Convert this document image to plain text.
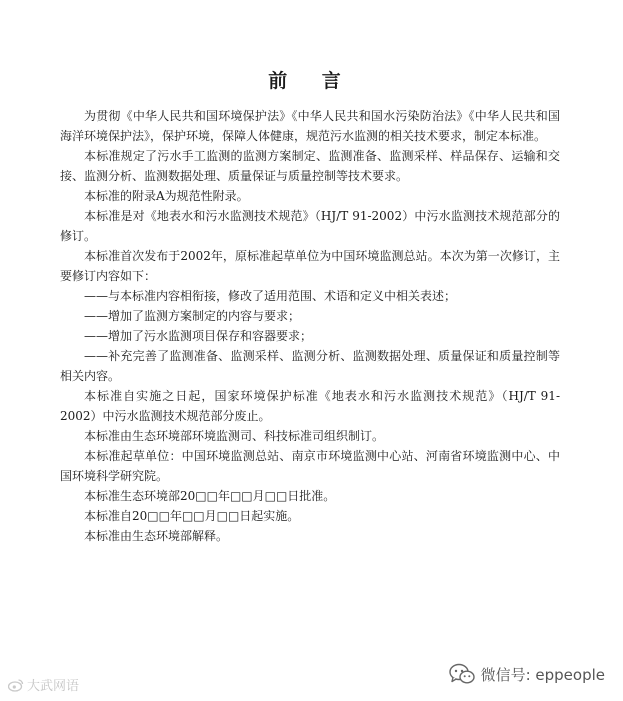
前 言

为贯彻《中华人民共和国环境保护法》《中华人民共和国水污染防治法》《中华人民共和国海洋环境保护法》，保护环境，保障人体健康，规范污水监测的相关技术要求，制定本标准。

本标准规定了污水手工监测的监测方案制定、监测准备、监测采样、样品保存、运输和交接、监测分析、监测数据处理、质量保证与质量控制等技术要求。

本标准的附录A为规范性附录。

本标准是对《地表水和污水监测技术规范》（HJ/T 91-2002）中污水监测技术规范部分的修订。

本标准首次发布于2002年，原标准起草单位为中国环境监测总站。本次为第一次修订，主要修订内容如下：

——与本标准内容相衔接，修改了适用范围、术语和定义中相关表述；

——增加了监测方案制定的内容与要求；

——增加了污水监测项目保存和容器要求；

——补充完善了监测准备、监测采样、监测分析、监测数据处理、质量保证和质量控制等相关内容。

本标准自实施之日起，国家环境保护标准《地表水和污水监测技术规范》（HJ/T 91-2002）中污水监测技术规范部分废止。

本标准由生态环境部环境监测司、科技标准司组织制订。

本标准起草单位：中国环境监测总站、南京市环境监测中心站、河南省环境监测中心、中国环境科学研究院。

本标准生态环境部20□□年□□月□□日批准。

本标准自20□□年□□月□□日起实施。

本标准由生态环境部解释。

大武网语
微信号: eppeople
